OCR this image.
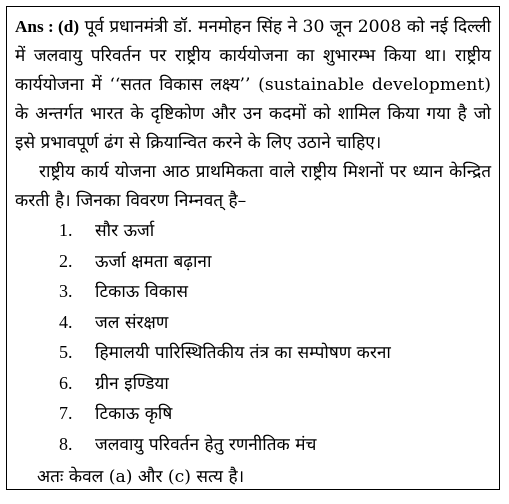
Ans : (d) पूर्व प्रधानमंत्री डॉ. मनमोहन सिंह ने 30 जून 2008 को नई दिल्ली में जलवायु परिवर्तन पर राष्ट्रीय कार्ययोजना का शुभारम्भ किया था। राष्ट्रीय कार्ययोजना में ‘‘सतत विकास लक्ष्य’’ (sustainable development) के अन्तर्गत भारत के दृष्टिकोण और उन कदमों को शामिल किया गया है जो इसे प्रभावपूर्ण ढंग से क्रियान्वित करने के लिए उठाने चाहिए।

राष्ट्रीय कार्य योजना आठ प्राथमिकता वाले राष्ट्रीय मिशनों पर ध्यान केन्द्रित करती है। जिनका विवरण निम्नवत् है–

1.	सौर ऊर्जा
2.	ऊर्जा क्षमता बढ़ाना
3.	टिकाऊ विकास
4.	जल संरक्षण
5.	हिमालयी पारिस्थितिकीय तंत्र का सम्पोषण करना
6.	ग्रीन इण्डिया
7.	टिकाऊ कृषि
8.	जलवायु परिवर्तन हेतु रणनीतिक मंच
अतः केवल (a) और (c) सत्य है।
